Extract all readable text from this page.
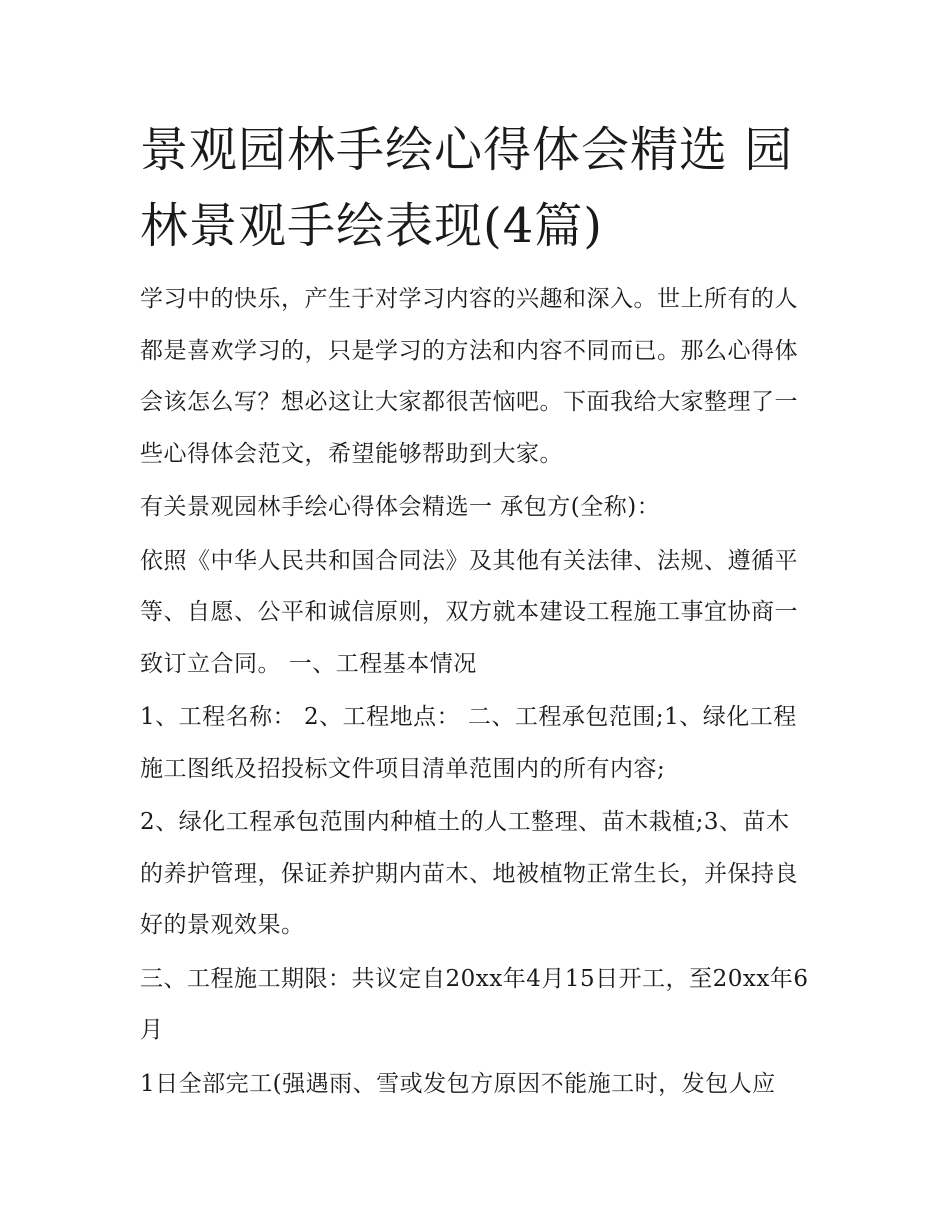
景观园林手绘心得体会精选 园林景观手绘表现(4篇)

学习中的快乐，产生于对学习内容的兴趣和深入。世上所有的人都是喜欢学习的，只是学习的方法和内容不同而已。那么心得体会该怎么写？想必这让大家都很苦恼吧。下面我给大家整理了一些心得体会范文，希望能够帮助到大家。

有关景观园林手绘心得体会精选一 承包方(全称)：

依照《中华人民共和国合同法》及其他有关法律、法规、遵循平等、自愿、公平和诚信原则，双方就本建设工程施工事宜协商一致订立合同。 一、工程基本情况

1、工程名称： 2、工程地点： 二、工程承包范围;1、绿化工程施工图纸及招投标文件项目清单范围内的所有内容;

2、绿化工程承包范围内种植土的人工整理、苗木栽植;3、苗木的养护管理，保证养护期内苗木、地被植物正常生长，并保持良好的景观效果。

三、工程施工期限：共议定自20xx年4月15日开工，至20xx年6月

1日全部完工(强遇雨、雪或发包方原因不能施工时，发包人应
